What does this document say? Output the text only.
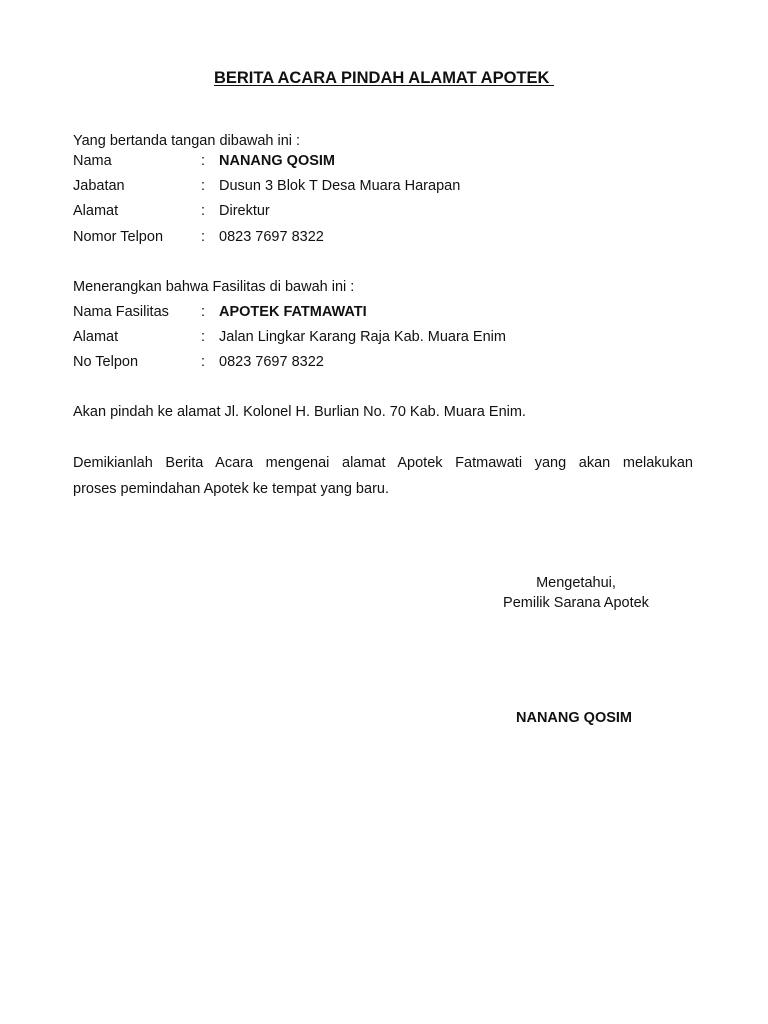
BERITA ACARA PINDAH ALAMAT APOTEK
Yang bertanda tangan dibawah ini :
Nama	: NANANG QOSIM
Jabatan	: Dusun 3 Blok T Desa Muara Harapan
Alamat	: Direktur
Nomor Telpon	: 0823 7697 8322
Menerangkan bahwa Fasilitas di bawah ini :
Nama Fasilitas : APOTEK FATMAWATI
Alamat	: Jalan Lingkar Karang Raja Kab. Muara Enim
No Telpon	: 0823 7697 8322
Akan pindah ke alamat Jl. Kolonel H. Burlian No. 70 Kab. Muara Enim.
Demikianlah Berita Acara mengenai alamat Apotek Fatmawati yang akan melakukan
proses pemindahan Apotek ke tempat yang baru.
Mengetahui,
Pemilik Sarana Apotek
NANANG QOSIM
